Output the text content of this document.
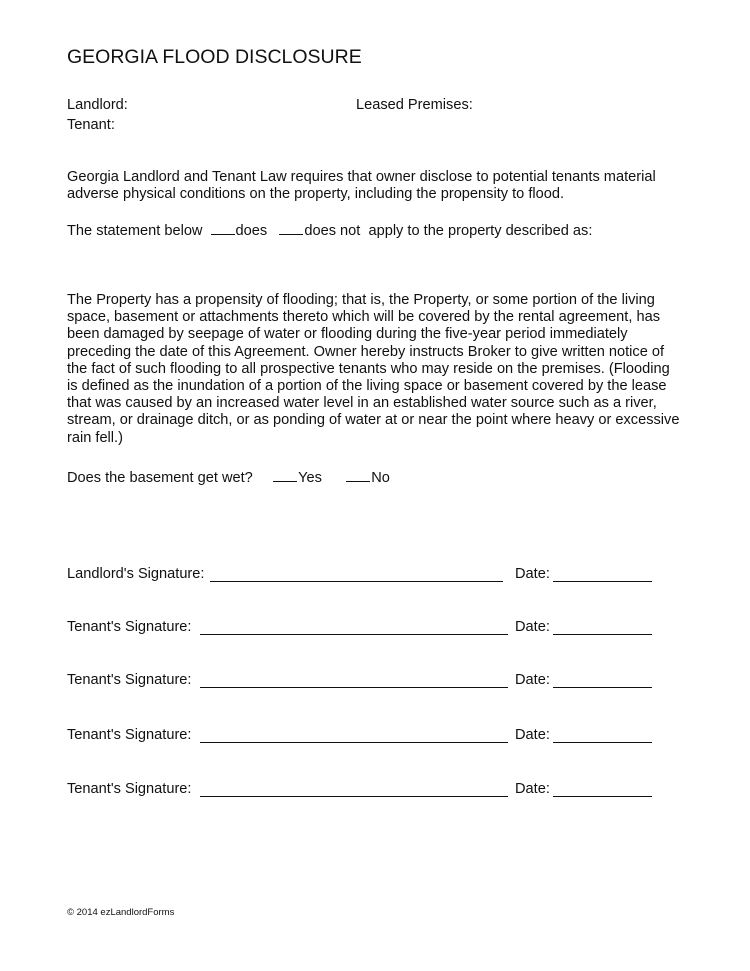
GEORGIA FLOOD DISCLOSURE
Landlord:
Tenant:
Leased Premises:
Georgia Landlord and Tenant Law requires that owner disclose to potential tenants material
adverse physical conditions on the property, including the propensity to flood.
The statement below does	does not  apply to the property described as:
The Property has a propensity of flooding; that is, the Property, or some portion of the living
space, basement or attachments thereto which will be covered by the rental agreement, has
been damaged by seepage of water or flooding during the five-year period immediately
preceding the date of this Agreement. Owner hereby instructs Broker to give written notice of
the fact of such flooding to all prospective tenants who may reside on the premises. (Flooding
is defined as the inundation of a portion of the living space or basement covered by the lease
that was caused by an increased water level in an established water source such as a river,
stream, or drainage ditch, or as ponding of water at or near the point where heavy or excessive
rain fell.)
Does the basement get wet?	Yes	No
Landlord's Signature:	Date:
Tenant's Signature:	Date:
Tenant's Signature:	Date:
Tenant's Signature:	Date:
Tenant's Signature:	Date:
© 2014 ezLandlordForms
